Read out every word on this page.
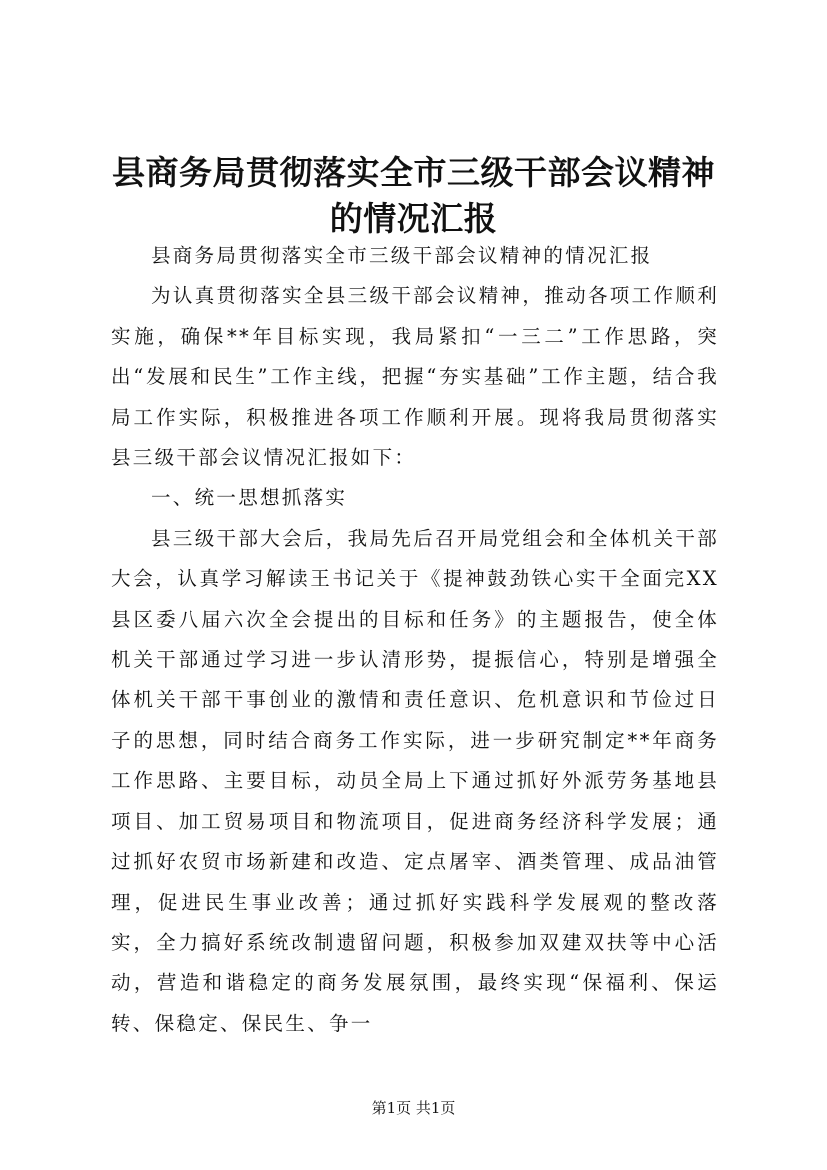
县商务局贯彻落实全市三级干部会议精神的情况汇报

县商务局贯彻落实全市三级干部会议精神的情况汇报

为认真贯彻落实全县三级干部会议精神，推动各项工作顺利实施，确保**年目标实现，我局紧扣“一三二”工作思路，突出“发展和民生”工作主线，把握“夯实基础”工作主题，结合我局工作实际，积极推进各项工作顺利开展。现将我局贯彻落实县三级干部会议情况汇报如下：

一、统一思想抓落实

县三级干部大会后，我局先后召开局党组会和全体机关干部大会，认真学习解读王书记关于《提神鼓劲铁心实干全面完XX县区委八届六次全会提出的目标和任务》的主题报告，使全体机关干部通过学习进一步认清形势，提振信心，特别是增强全体机关干部干事创业的激情和责任意识、危机意识和节俭过日子的思想，同时结合商务工作实际，进一步研究制定**年商务工作思路、主要目标，动员全局上下通过抓好外派劳务基地县项目、加工贸易项目和物流项目，促进商务经济科学发展；通过抓好农贸市场新建和改造、定点屠宰、酒类管理、成品油管理，促进民生事业改善；通过抓好实践科学发展观的整改落实，全力搞好系统改制遗留问题，积极参加双建双扶等中心活动，营造和谐稳定的商务发展氛围，最终实现“保福利、保运转、保稳定、保民生、争一

第1页 共1页
